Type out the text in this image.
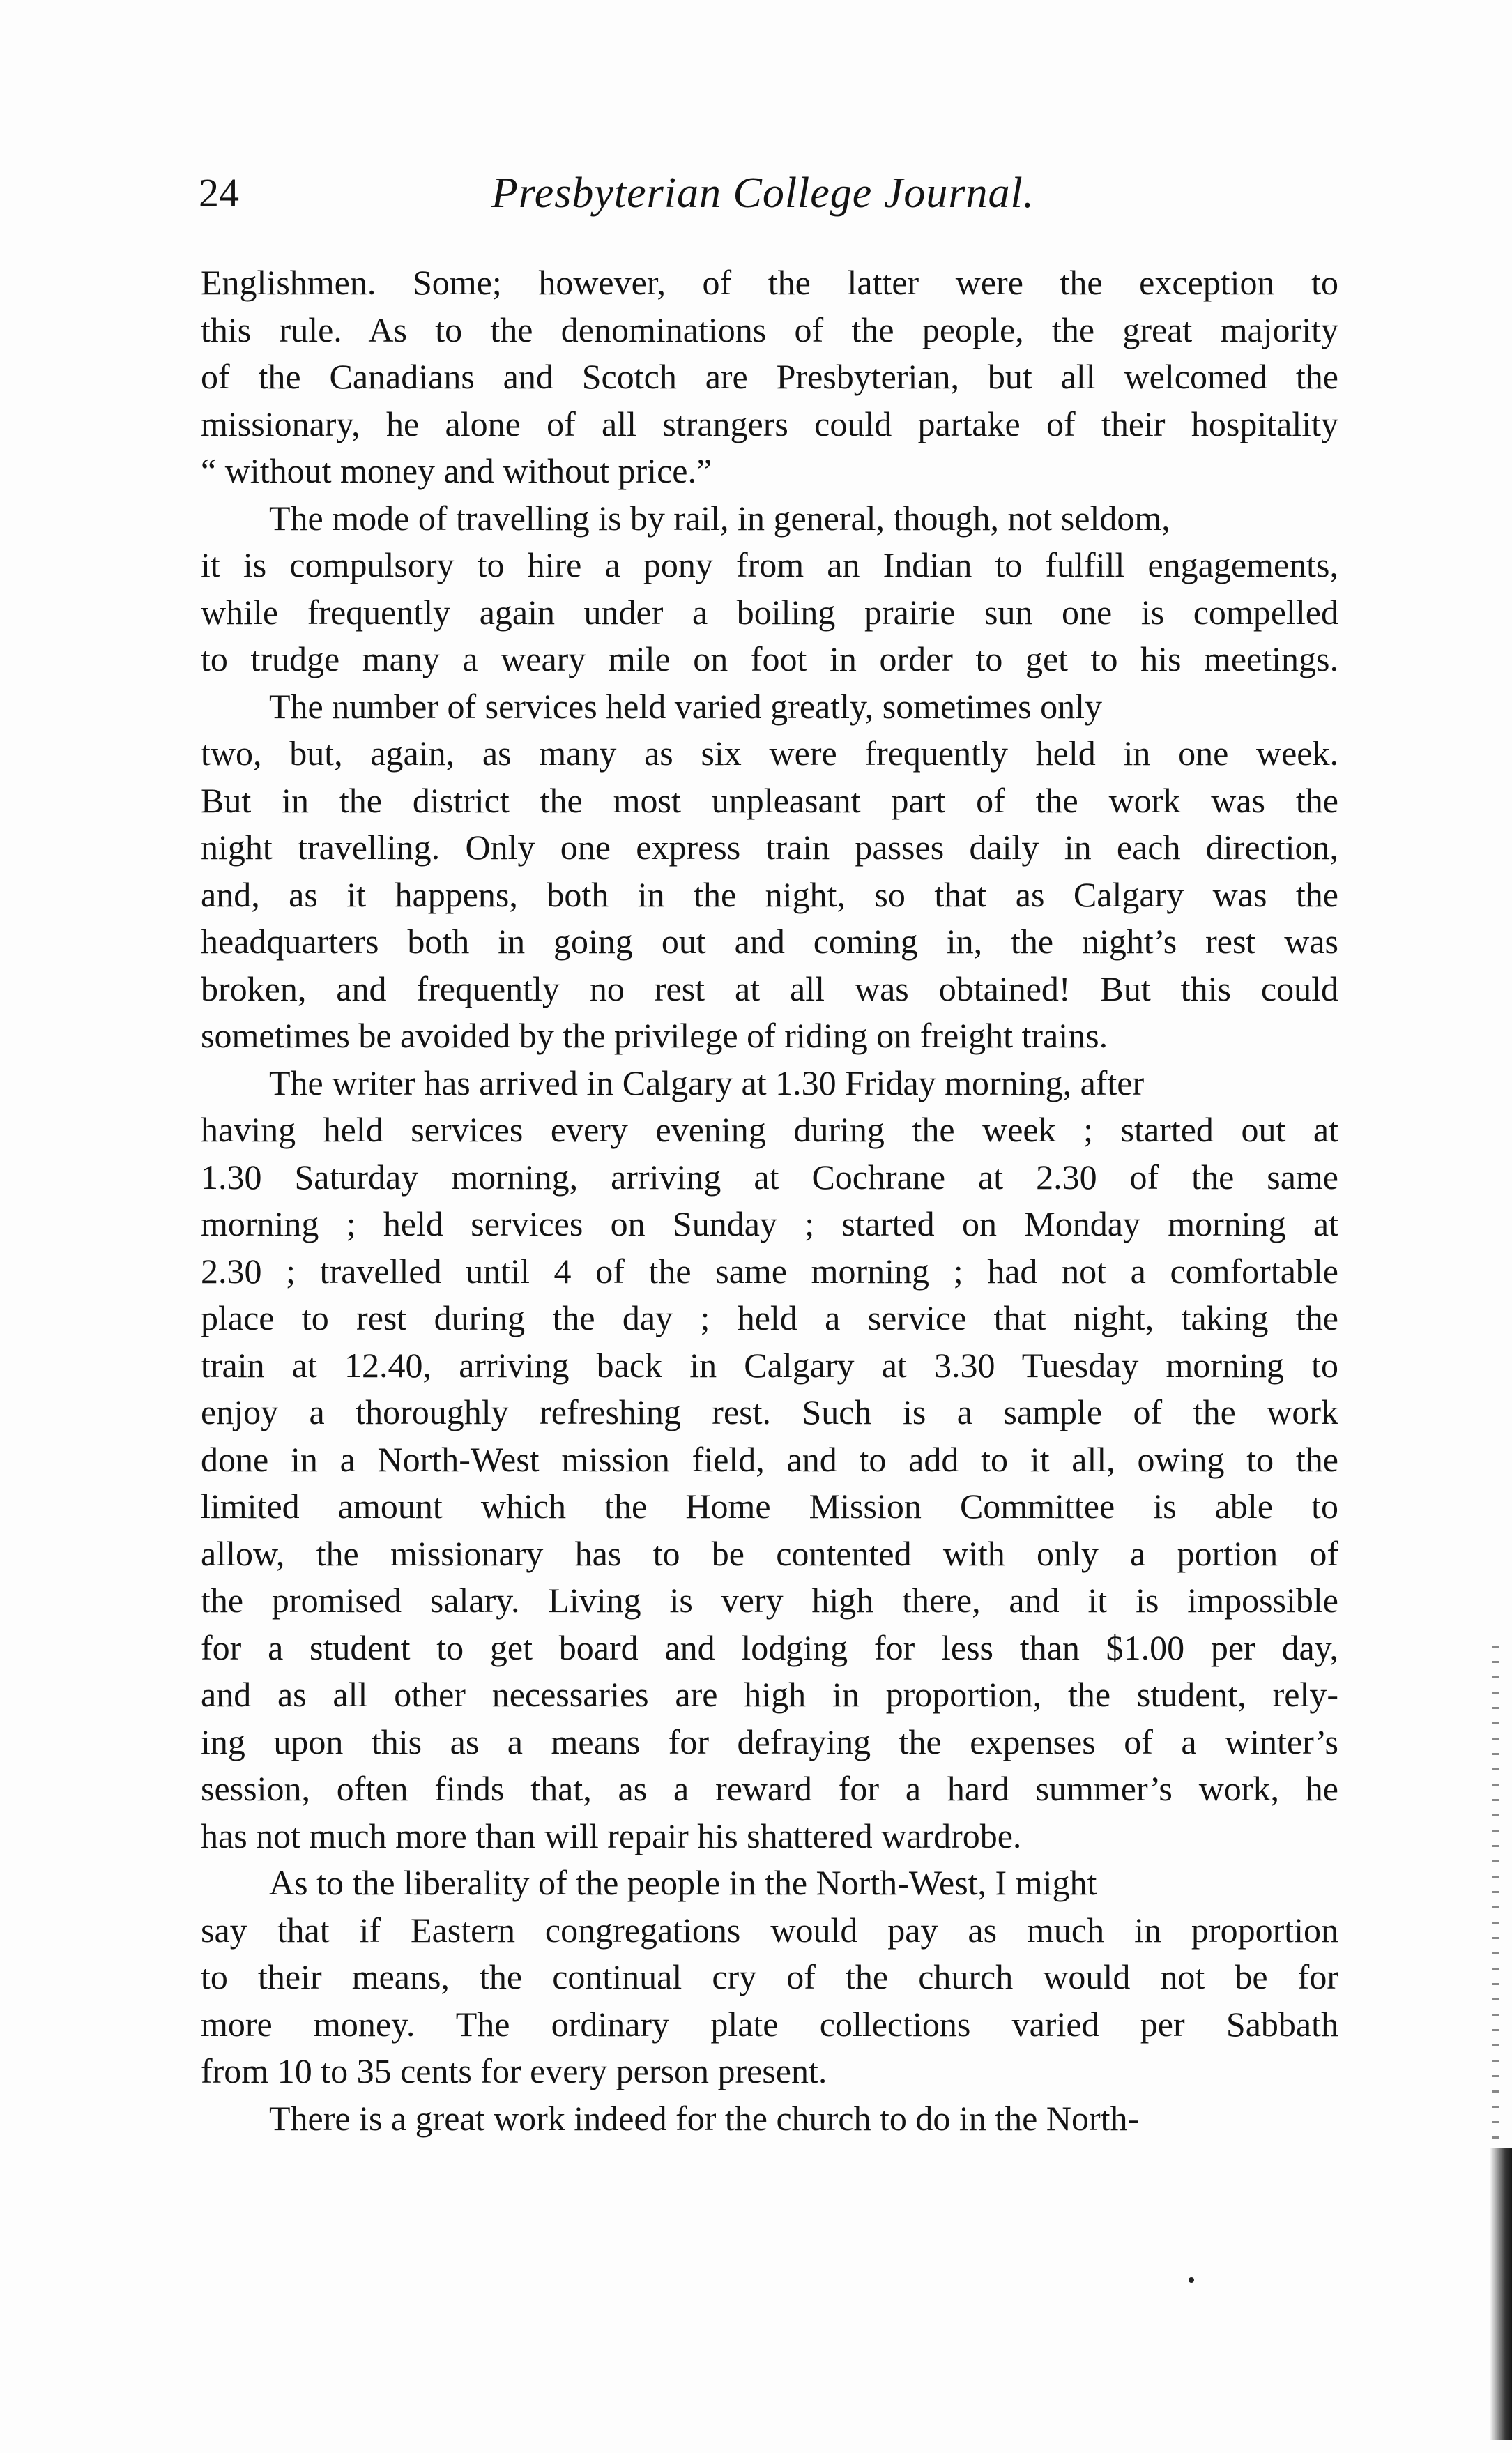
24	Presbyterian College Journal.

Englishmen. Some; however, of the latter were the exception to
this rule. As to the denominations of the people, the great majority
of the Canadians and Scotch are Presbyterian, but all welcomed the
missionary, he alone of all strangers could partake of their hospitality
“ without money and without price.”

The mode of travelling is by rail, in general, though, not seldom,
it is compulsory to hire a pony from an Indian to fulfill engagements,
while frequently again under a boiling prairie sun one is compelled
to trudge many a weary mile on foot in order to get to his meetings.

The number of services held varied greatly, sometimes only
two, but, again, as many as six were frequently held in one week.
But in the district the most unpleasant part of the work was the
night travelling. Only one express train passes daily in each direction,
and, as it happens, both in the night, so that as Calgary was the
headquarters both in going out and coming in, the night’s rest was
broken, and frequently no rest at all was obtained! But this could
sometimes be avoided by the privilege of riding on freight trains.

The writer has arrived in Calgary at 1.30 Friday morning, after
having held services every evening during the week ; started out at
1.30 Saturday morning, arriving at Cochrane at 2.30 of the same
morning ; held services on Sunday ; started on Monday morning at
2.30 ; travelled until 4 of the same morning ; had not a comfortable
place to rest during the day ; held a service that night, taking the
train at 12.40, arriving back in Calgary at 3.30 Tuesday morning to
enjoy a thoroughly refreshing rest. Such is a sample of the work
done in a North-West mission field, and to add to it all, owing to the
limited amount which the Home Mission Committee is able to
allow, the missionary has to be contented with only a portion of
the promised salary. Living is very high there, and it is impossible
for a student to get board and lodging for less than $1.00 per day,
and as all other necessaries are high in proportion, the student, rely-
ing upon this as a means for defraying the expenses of a winter’s
session, often finds that, as a reward for a hard summer’s work, he
has not much more than will repair his shattered wardrobe.

As to the liberality of the people in the North-West, I might
say that if Eastern congregations would pay as much in proportion
to their means, the continual cry of the church would not be for
more money. The ordinary plate collections varied per Sabbath
from 10 to 35 cents for every person present.

There is a great work indeed for the church to do in the North-
